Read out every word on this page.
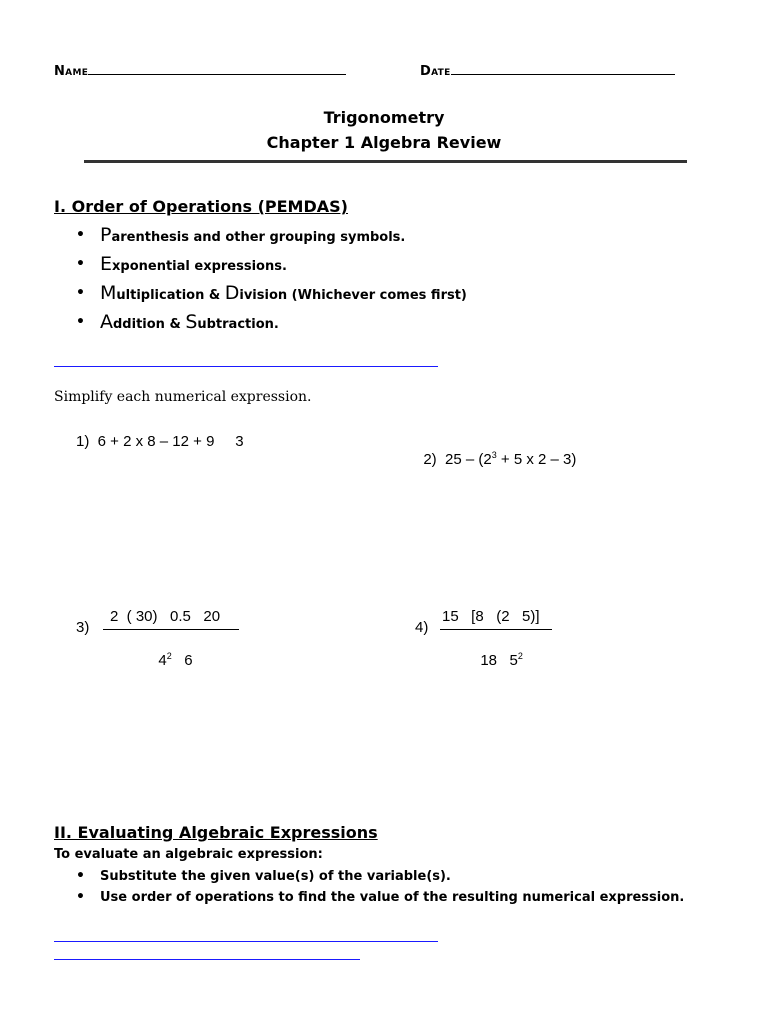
Name	Date
Trigonometry
Chapter 1 Algebra Review
I. Order of Operations (PEMDAS)
• Parenthesis and other grouping symbols.
• Exponential expressions.
• Multiplication & Division (Whichever comes first)
• Addition & Subtraction.
Simplify each numerical expression.
1)  6 + 2 x 8 – 12 + 9     3

2) $25 - (2^3 + 5$ x 2 – 3)

3)
2  ( 30)   0.5   20

$4^2$   6

4)
15   [8   (2   5)]

18   $5^2$

II. Evaluating Algebraic Expressions
To evaluate an algebraic expression:
• Substitute the given value(s) of the variable(s).
• Use order of operations to find the value of the resulting numerical expression.
